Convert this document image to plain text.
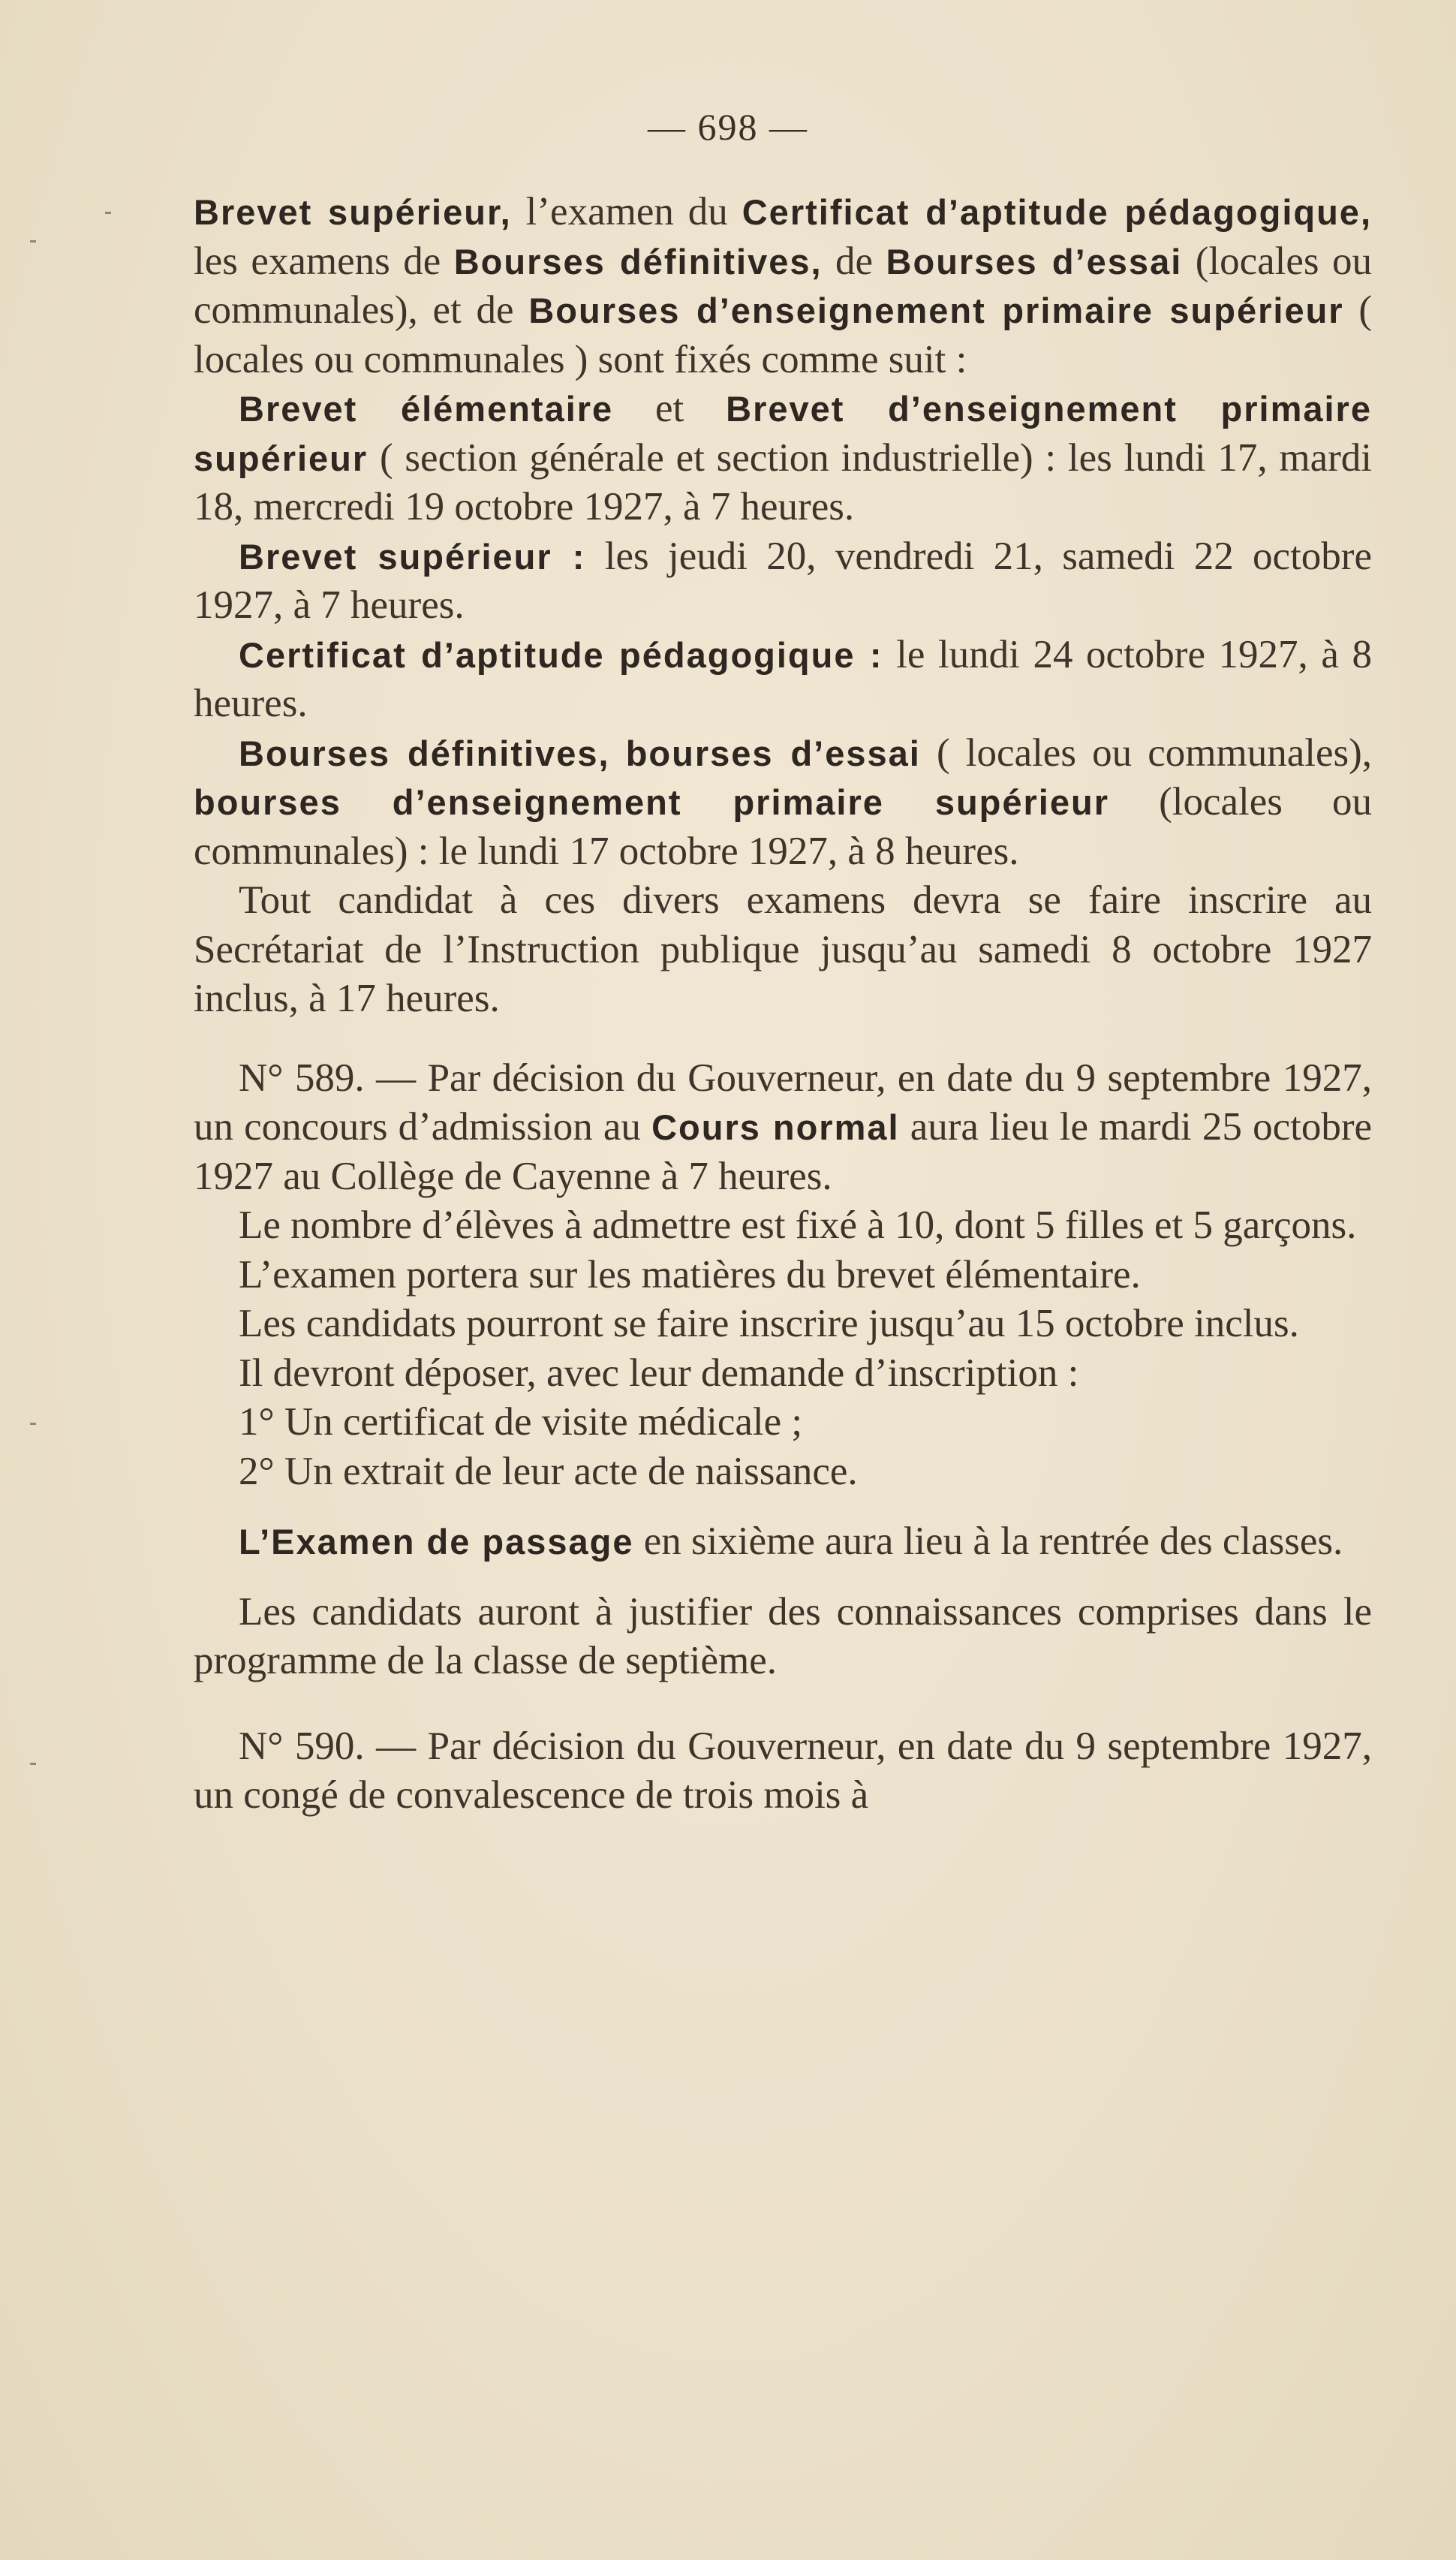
— 698 —

Brevet supérieur, l’examen du Certificat d’aptitude pédagogique, les examens de Bourses définitives, de Bourses d’essai (locales ou communales), et de Bourses d’enseignement primaire supérieur ( locales ou communales ) sont fixés comme suit :

Brevet élémentaire et Brevet d’enseignement primaire supérieur ( section générale et section industrielle) : les lundi 17, mardi 18, mercredi 19 octobre 1927, à 7 heures.

Brevet supérieur : les jeudi 20, vendredi 21, samedi 22 octobre 1927, à 7 heures.

Certificat d’aptitude pédagogique : le lundi 24 octobre 1927, à 8 heures.

Bourses définitives, bourses d’essai ( locales ou communales), bourses d’enseignement primaire supérieur (locales ou communales) : le lundi 17 octobre 1927, à 8 heures.

Tout candidat à ces divers examens devra se faire inscrire au Secrétariat de l’Instruction publique jusqu’au samedi 8 octobre 1927 inclus, à 17 heures.

N° 589. — Par décision du Gouverneur, en date du 9 septembre 1927, un concours d’admission au Cours normal aura lieu le mardi 25 octobre 1927 au Collège de Cayenne à 7 heures.

Le nombre d’élèves à admettre est fixé à 10, dont 5 filles et 5 garçons.

L’examen portera sur les matières du brevet élémentaire.

Les candidats pourront se faire inscrire jusqu’au 15 octobre inclus.

Il devront déposer, avec leur demande d’inscription :

1° Un certificat de visite médicale ;

2° Un extrait de leur acte de naissance.

L’Examen de passage en sixième aura lieu à la rentrée des classes.

Les candidats auront à justifier des connaissances comprises dans le programme de la classe de septième.

N° 590. — Par décision du Gouverneur, en date du 9 septembre 1927, un congé de convalescence de trois mois à
